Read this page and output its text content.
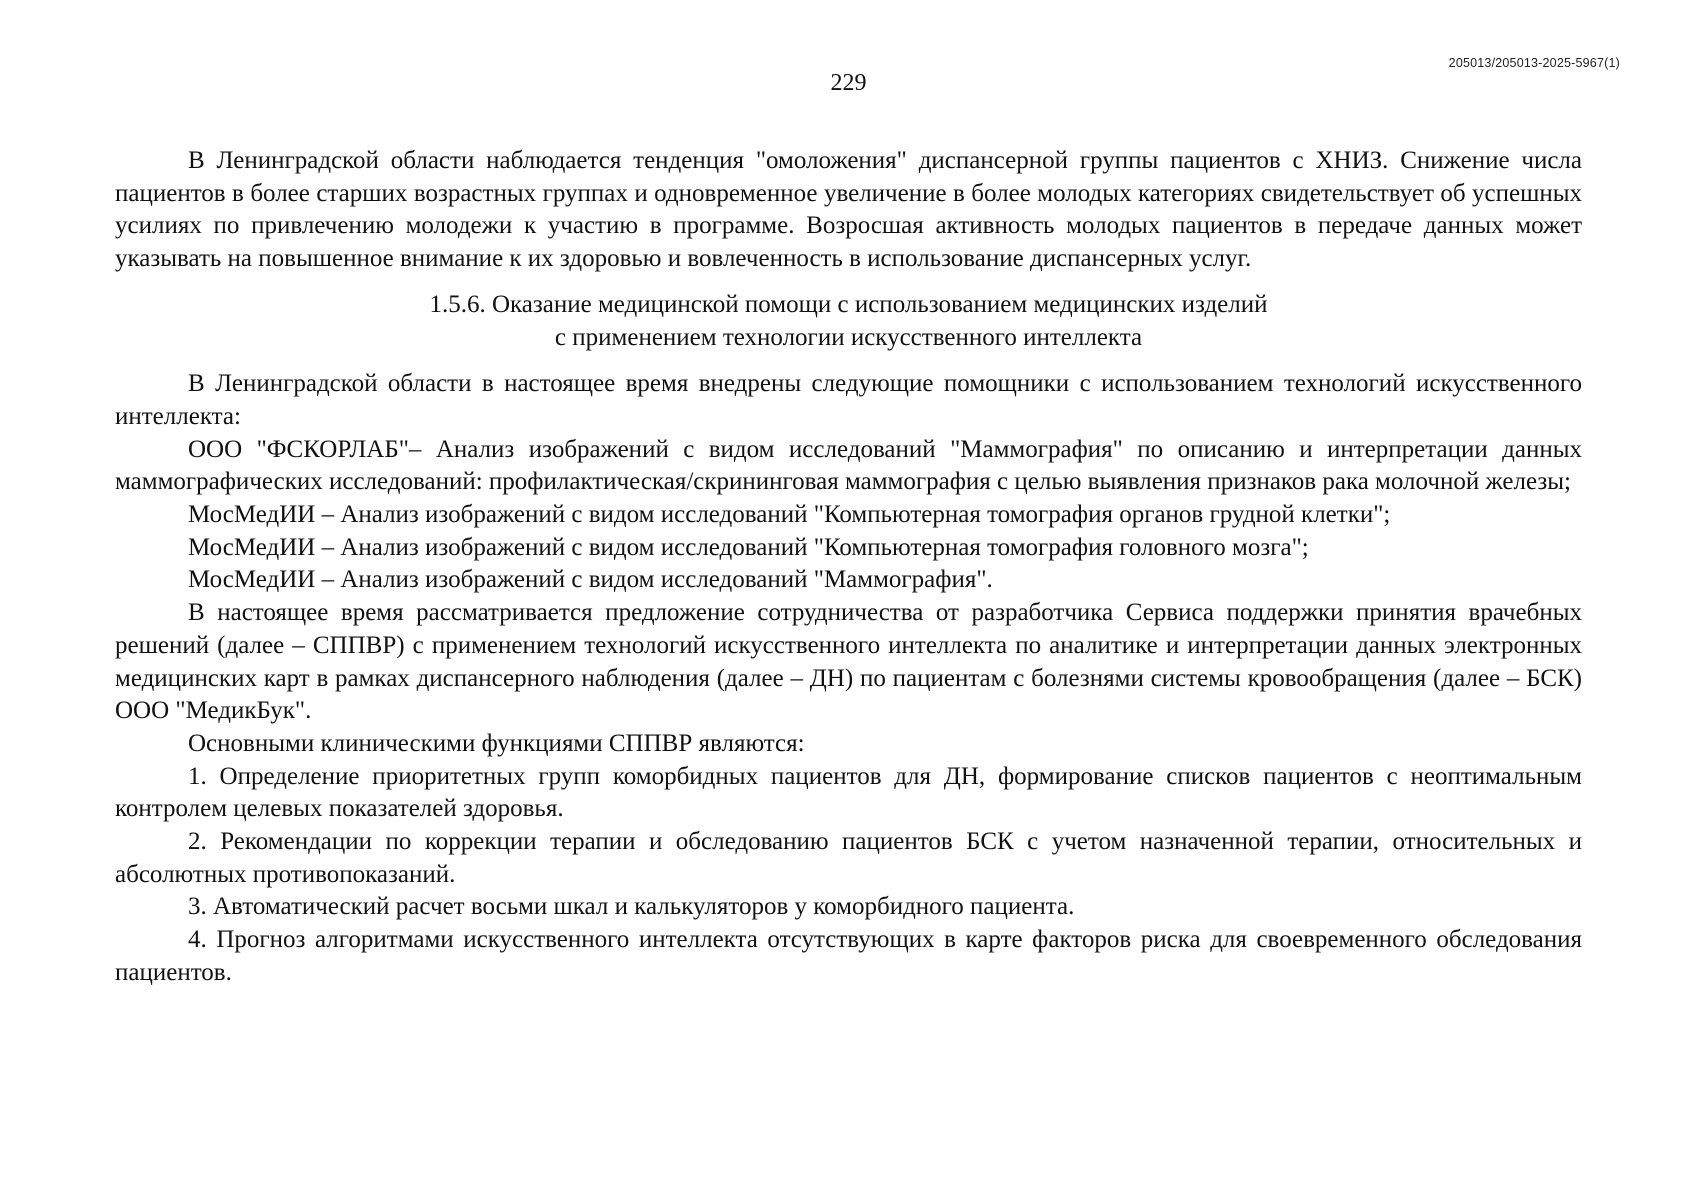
205013/205013-2025-5967(1)
229

В Ленинградской области наблюдается тенденция "омоложения" диспансерной группы пациентов с ХНИЗ. Снижение числа пациентов в более старших возрастных группах и одновременное увеличение в более молодых категориях свидетельствует об успешных усилиях по привлечению молодежи к участию в программе. Возросшая активность молодых пациентов в передаче данных может указывать на повышенное внимание к их здоровью и вовлеченность в использование диспансерных услуг.

1.5.6. Оказание медицинской помощи с использованием медицинских изделий
с применением технологии искусственного интеллекта

В Ленинградской области в настоящее время внедрены следующие помощники с использованием технологий искусственного интеллекта:

ООО "ФСКОРЛАБ"– Анализ изображений с видом исследований "Маммография" по описанию и интерпретации данных маммографических исследований: профилактическая/скрининговая маммография с целью выявления признаков рака молочной железы;

МосМедИИ – Анализ изображений с видом исследований "Компьютерная томография органов грудной клетки";

МосМедИИ – Анализ изображений с видом исследований "Компьютерная томография головного мозга";

МосМедИИ – Анализ изображений с видом исследований "Маммография".

В настоящее время рассматривается предложение сотрудничества от разработчика Сервиса поддержки принятия врачебных решений (далее – СППВР) с применением технологий искусственного интеллекта по аналитике и интерпретации данных электронных медицинских карт в рамках диспансерного наблюдения (далее – ДН) по пациентам с болезнями системы кровообращения (далее – БСК) ООО "МедикБук".

Основными клиническими функциями СППВР являются:

1. Определение приоритетных групп коморбидных пациентов для ДН, формирование списков пациентов с неоптимальным контролем целевых показателей здоровья.

2. Рекомендации по коррекции терапии и обследованию пациентов БСК с учетом назначенной терапии, относительных и абсолютных противопоказаний.

3. Автоматический расчет восьми шкал и калькуляторов у коморбидного пациента.

4. Прогноз алгоритмами искусственного интеллекта отсутствующих в карте факторов риска для своевременного обследования пациентов.
